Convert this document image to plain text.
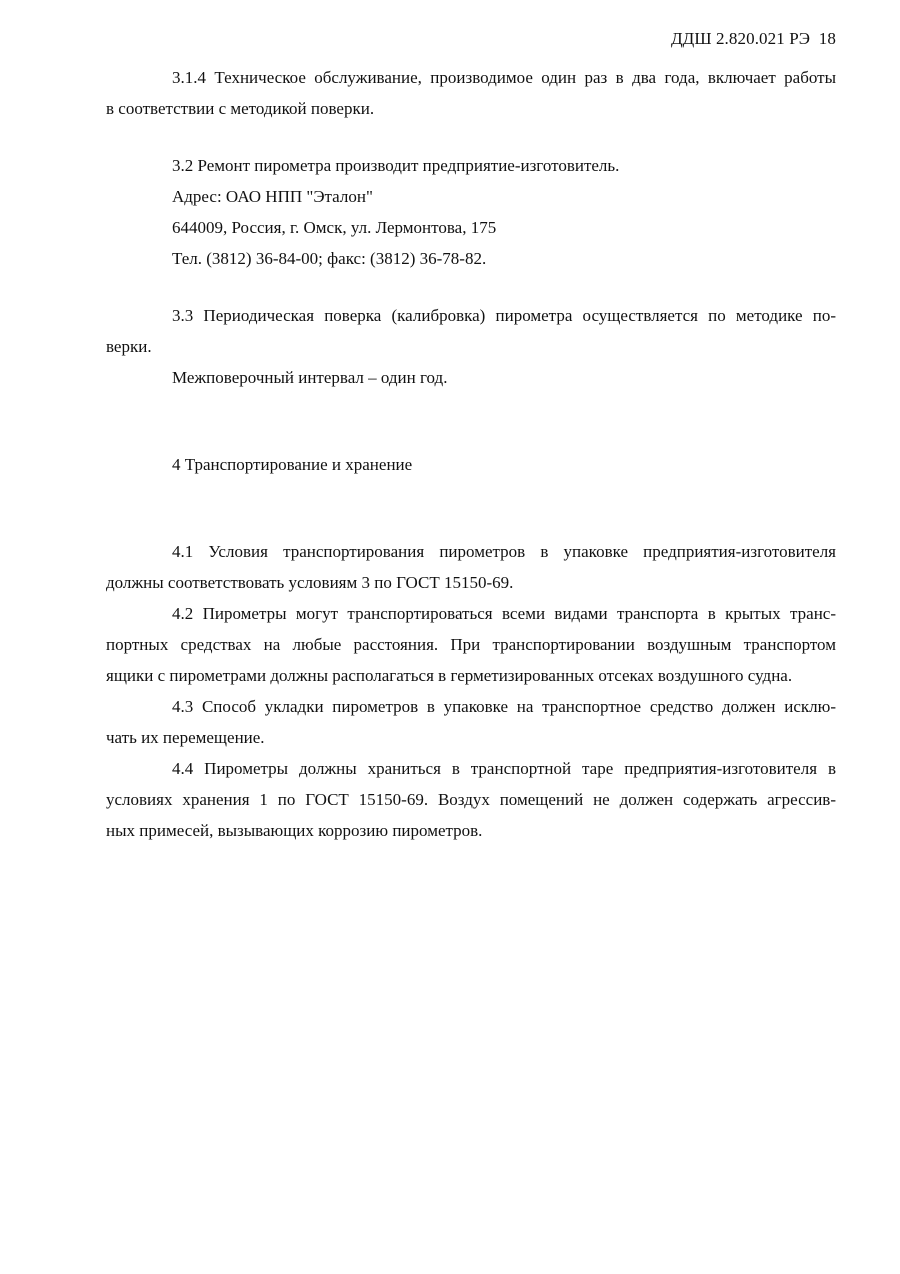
ДДШ 2.820.021 РЭ 18

3.1.4 Техническое обслуживание, производимое один раз в два года, включает работы
в соответствии с методикой поверки.

3.2 Ремонт пирометра производит предприятие-изготовитель.
Адрес: ОАО НПП "Эталон"
644009, Россия, г. Омск, ул. Лермонтова, 175
Тел. (3812) 36-84-00; факс: (3812) 36-78-82.

3.3 Периодическая поверка (калибровка) пирометра осуществляется по методике по-
верки.
Межповерочный интервал – один год.

4 Транспортирование и хранение

4.1 Условия транспортирования пирометров в упаковке предприятия-изготовителя
должны соответствовать условиям 3 по ГОСТ 15150-69.

4.2 Пирометры могут транспортироваться всеми видами транспорта в крытых транс-
портных средствах на любые расстояния. При транспортировании воздушным транспортом
ящики с пирометрами должны располагаться в герметизированных отсеках воздушного судна.

4.3 Способ укладки пирометров в упаковке на транспортное средство должен исклю-
чать их перемещение.

4.4 Пирометры должны храниться в транспортной таре предприятия-изготовителя в
условиях хранения 1 по ГОСТ 15150-69. Воздух помещений не должен содержать агрессив-
ных примесей, вызывающих коррозию пирометров.
